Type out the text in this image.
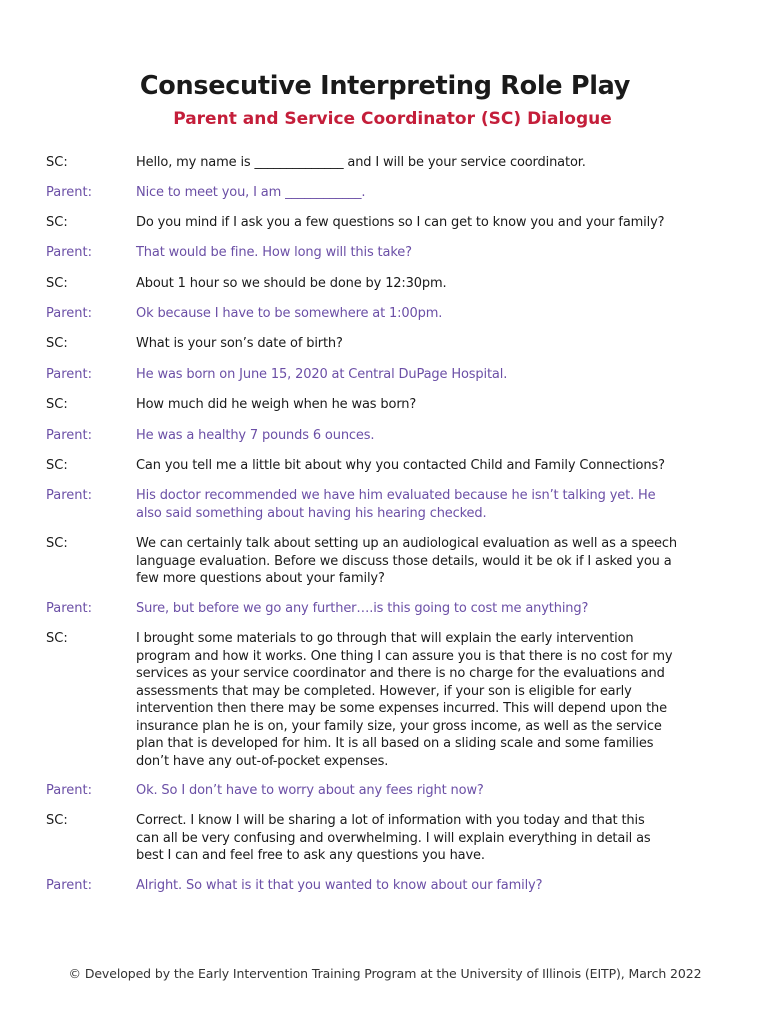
Consecutive Interpreting Role Play
Parent and Service Coordinator (SC) Dialogue
SC:	Hello, my name is ______________ and I will be your service coordinator.
Parent:	Nice to meet you, I am ____________.
SC:	Do you mind if I ask you a few questions so I can get to know you and your family?
Parent:	That would be fine. How long will this take?
SC:	About 1 hour so we should be done by 12:30pm.
Parent:	Ok because I have to be somewhere at 1:00pm.
SC:	What is your son’s date of birth?
Parent:	He was born on June 15, 2020 at Central DuPage Hospital.
SC:	How much did he weigh when he was born?
Parent:	He was a healthy 7 pounds 6 ounces.
SC:	Can you tell me a little bit about why you contacted Child and Family Connections?
Parent:	His doctor recommended we have him evaluated because he isn’t talking yet. He
also said something about having his hearing checked.
SC:	We can certainly talk about setting up an audiological evaluation as well as a speech
language evaluation. Before we discuss those details, would it be ok if I asked you a
few more questions about your family?
Parent:	Sure, but before we go any further….is this going to cost me anything?
SC:	I brought some materials to go through that will explain the early intervention
program and how it works. One thing I can assure you is that there is no cost for my
services as your service coordinator and there is no charge for the evaluations and
assessments that may be completed. However, if your son is eligible for early
intervention then there may be some expenses incurred. This will depend upon the
insurance plan he is on, your family size, your gross income, as well as the service
plan that is developed for him. It is all based on a sliding scale and some families
don’t have any out-of-pocket expenses.
Parent:	Ok. So I don’t have to worry about any fees right now?
SC:	Correct. I know I will be sharing a lot of information with you today and that this
can all be very confusing and overwhelming. I will explain everything in detail as
best I can and feel free to ask any questions you have.
Parent:	Alright. So what is it that you wanted to know about our family?
© Developed by the Early Intervention Training Program at the University of Illinois (EITP), March 2022
